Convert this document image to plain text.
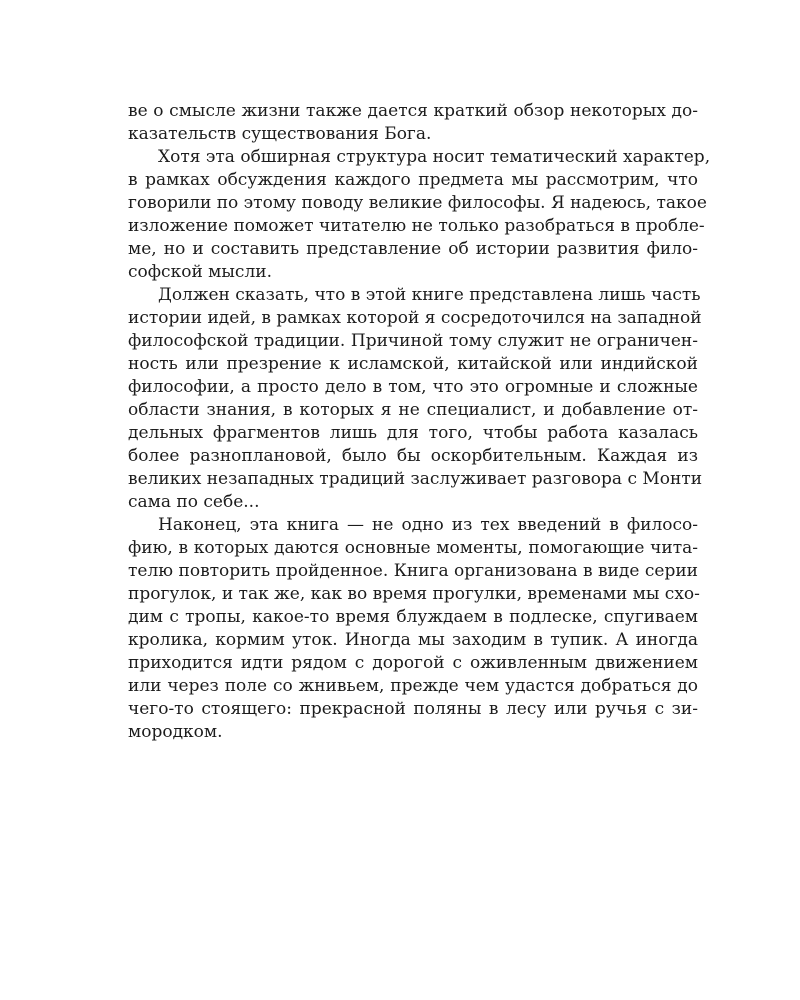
ве о смысле жизни также дается краткий обзор некоторых до-
казательств существования Бога.
Хотя эта обширная структура носит тематический характер,
в рамках обсуждения каждого предмета мы рассмотрим, что
говорили по этому поводу великие философы. Я надеюсь, такое
изложение поможет читателю не только разобраться в пробле-
ме, но и составить представление об истории развития фило-
софской мысли.
Должен сказать, что в этой книге представлена лишь часть
истории идей, в рамках которой я сосредоточился на западной
философской традиции. Причиной тому служит не ограничен-
ность или презрение к исламской, китайской или индийской
философии, а просто дело в том, что это огромные и сложные
области знания, в которых я не специалист, и добавление от-
дельных фрагментов лишь для того, чтобы работа казалась
более разноплановой, было бы оскорбительным. Каждая из
великих незападных традиций заслуживает разговора с Монти
сама по себе...
Наконец, эта книга — не одно из тех введений в филосо-
фию, в которых даются основные моменты, помогающие чита-
телю повторить пройденное. Книга организована в виде серии
прогулок, и так же, как во время прогулки, временами мы схо-
дим с тропы, какое-то время блуждаем в подлеске, спугиваем
кролика, кормим уток. Иногда мы заходим в тупик. А иногда
приходится идти рядом с дорогой с оживленным движением
или через поле со жнивьем, прежде чем удастся добраться до
чего-то стоящего: прекрасной поляны в лесу или ручья с зи-
мородком.
